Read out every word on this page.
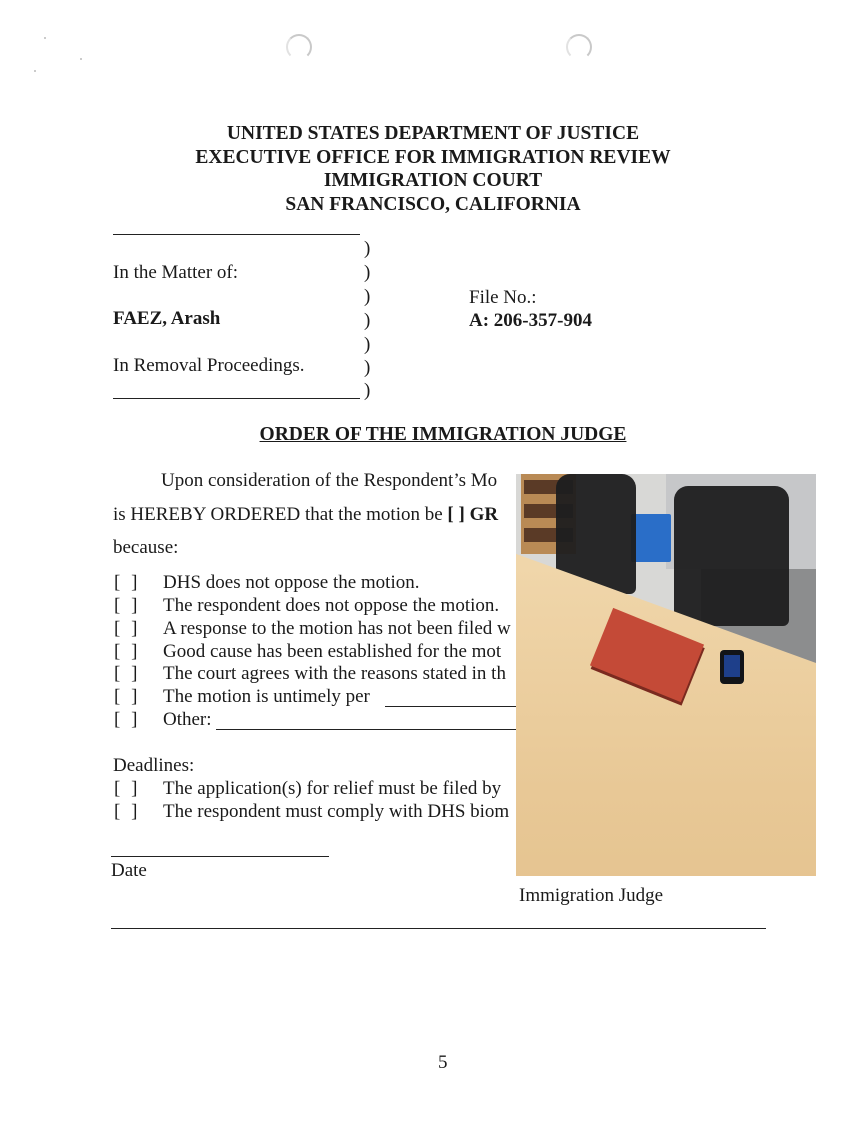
UNITED STATES DEPARTMENT OF JUSTICE
EXECUTIVE OFFICE FOR IMMIGRATION REVIEW
IMMIGRATION COURT
SAN FRANCISCO, CALIFORNIA
)
)
)
)
)
)
)
In the Matter of:
FAEZ, Arash
In Removal Proceedings.
File No.:
A: 206-357-904
ORDER OF THE IMMIGRATION JUDGE
Upon consideration of the Respondent’s Mo
is HEREBY ORDERED that the motion be [ ] GR
because:
[ ] DHS does not oppose the motion.
[ ] The respondent does not oppose the motion.
[ ] A response to the motion has not been filed w
[ ] Good cause has been established for the mot
[ ] The court agrees with the reasons stated in th
[ ] The motion is untimely per
[ ] Other:
Deadlines:
[ ] The application(s) for relief must be filed by
[ ] The respondent must comply with DHS biom
Date
Immigration Judge
5
